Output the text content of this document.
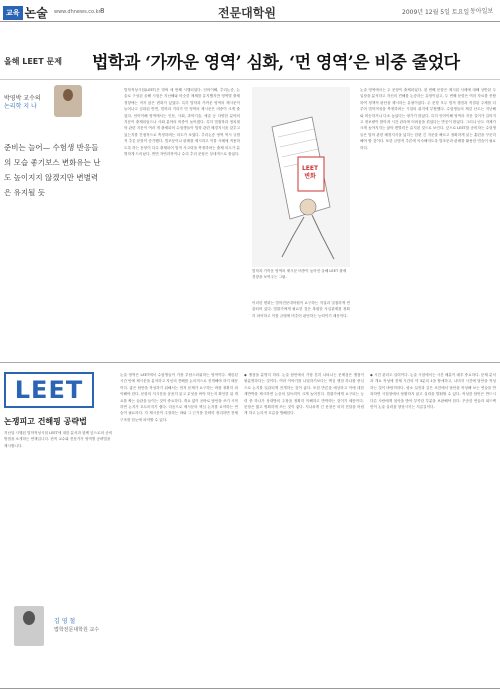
교육 논술 www.dhnews.co.kr 8	전문대학원	2009년 12월 5일 토요일 동아일보
올해 LEET 문제 법학과 ‘가까운 영역’ 심화, ‘먼 영역’은 비중 줄었다
박영박 교수의
논리학 지 나

준비는 늘어— 수험생 반응들의 모습 좋기보스 변화유는 난도 높이지지 않겠지만 변별력은 유지될 듯

법학적성시험(LEET)은 벌써 세 번째 시행되었다. 언어이해, 추리논증, 논술로 구성된 올해 시험은 지난해와 비슷한 체제를 유지했지만 영역별 출제 경향에는 적지 않은 변화가 있었다. 특히 법학과 가까운 영역의 제시문이 늘어나고 심화된 반면, 법학과 거리가 먼 영역의 제시문은 비중이 크게 줄었다. 언어이해 영역에서는 인문, 사회, 과학기술, 예술 등 다양한 분야의 지문이 출제되었으나 사회 분야의 비중이 높아졌다. 특히 법철학과 정치철학 관련 지문이 여러 개 출제되어 수험생들이 법학 관련 배경지식을 갖추고 있는지를 간접적으로 측정하려는 의도가 보였다. 추리논증 영역 역시 규범적 추론 문항이 증가했다. 법조문이나 판례를 제시하고 이를 사례에 적용하도록 하는 문항이 다수 출제되어 법적 사고력을 측정하려는 출제 의도가 분명하게 드러났다. 반면 자연과학이나 수리 추리 문항은 상대적으로 줄었다.
LEET 변화
법학과 가까운 영역의 제시문 비중이 높아진 올해 LEET 출제 경향을 보여주는 그림.
논술 영역에서는 두 문항이 출제되었다. 첫 번째 문항은 제시된 사례에 대해 상반된 두 입장을 분석하고 자신의 견해를 논증하는 유형이었고, 두 번째 문항은 여러 자료를 종합하여 정책적 판단을 제시하는 유형이었다. 두 문항 모두 법적 쟁점과 직결된 주제를 다루어 법학적성을 측정하려는 시험의 취지에 부합했다. 수험생들의 체감 난도는 지난해와 비슷하거나 다소 높았다는 평가가 많았다. 특히 언어이해 영역의 지문 길이가 길어지고 정보량이 많아져 시간 관리에 어려움을 겪었다는 반응이 많았다. 그러나 난도 자체가 크게 높아지지는 않아 변별력은 유지된 것으로 보인다. 앞으로 LEET를 준비하는 수험생들은 법학 관련 배경지식을 넓히는 한편 긴 지문을 빠르고 정확하게 읽는 훈련을 꾸준히 해야 할 것이다. 또한 규범적 추론에 익숙해지도록 법조문과 판례를 활용한 연습이 필요하다.
이러한 변화는 법학전문대학원이 요구하는 자질과 밀접하게 연관되어 있다. 법률가에게 필요한 것은 복잡한 사실관계를 정확히 파악하고 이를 규범에 비추어 판단하는 능력이기 때문이다.
LEET
논쟁피고 건해핑 공략법
지난달 시행된 법학적성시험 LEET에 대한 분석과 함께 앞으로의 준비 방법을 소개하는 연재입니다. 현직 교수와 전문가가 영역별 공략법을 제시합니다.
김 영 철
법학전문대학원 교수
논술 영역은 LEET에서 수험생들이 가장 부담스러워하는 영역이다. 제한된 시간 안에 제시문을 분석하고 자신의 견해를 논리적으로 전개해야 하기 때문이다. 좋은 답안을 작성하기 위해서는 먼저 문제가 요구하는 바를 정확히 파악해야 한다. 문항의 지시문을 꼼꼼히 읽고 무엇을 써야 하는지 확인한 뒤 개요를 짜는 습관을 들이는 것이 중요하다. 개요 없이 곧바로 답안을 쓰기 시작하면 논지가 흐트러지기 쉽다. 다음으로 제시문의 핵심 논지를 요약하는 연습이 필요하다. 각 제시문이 주장하는 바와 그 근거를 간략히 정리하면 전체 구조를 한눈에 파악할 수 있다.
◆ 쟁점을 분명히 하라. 논술 답안에서 가장 흔히 나타나는 문제점은 쟁점이 불분명하다는 것이다. 여러 이야기를 나열하기보다는 핵심 쟁점 하나를 중심으로 논지를 일관되게 전개하는 것이 좋다. 또한 반론을 예상하고 이에 대한 재반박을 제시하면 논증의 설득력이 크게 높아진다. 법률가에게 요구되는 능력 중 하나가 상대방의 주장을 정확히 이해하고 반박하는 것이기 때문이다. 문장은 짧고 명확하게 쓰는 것이 좋다. 지나치게 긴 문장은 의미 전달을 어렵게 하고 논리적 흐름을 방해한다.
◆ 시간 관리도 실력이다. 논술 시험에서는 시간 배분이 매우 중요하다. 문제 분석과 개요 작성에 전체 시간의 약 3분의 1을 할애하고, 나머지 시간에 답안을 작성하는 것이 바람직하다. 평소 실전과 같은 조건에서 답안을 작성해 보는 연습을 반복하면 시험장에서 당황하지 않고 실력을 발휘할 수 있다. 작성한 답안은 반드시 다른 사람에게 첨삭을 받아 부족한 부분을 보완해야 한다. 꾸준한 연습과 피드백만이 논술 실력을 향상시키는 지름길이다.
